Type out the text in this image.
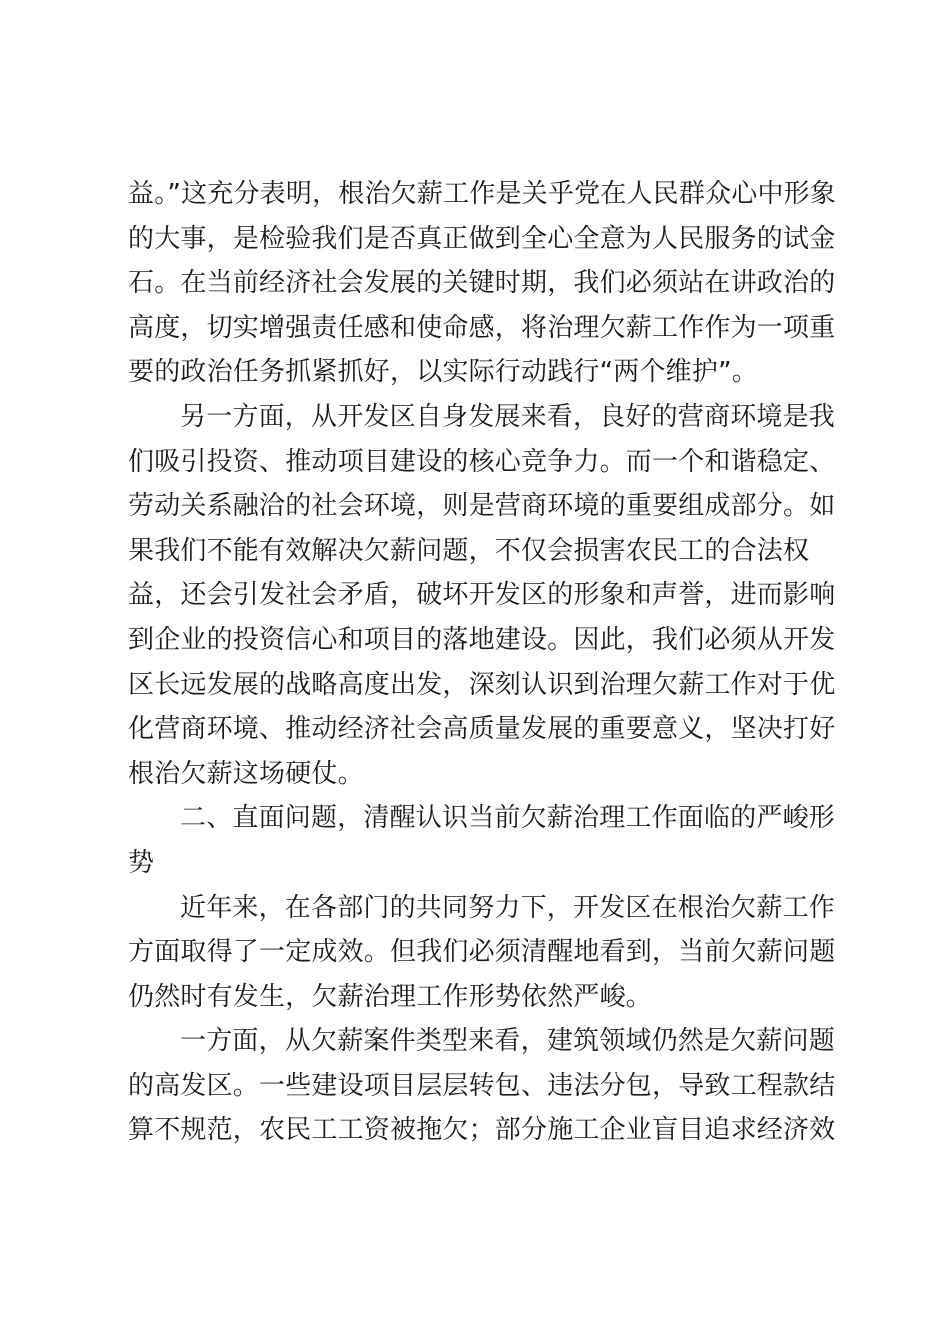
益。”这充分表明，根治欠薪工作是关乎党在人民群众心中形象
的大事，是检验我们是否真正做到全心全意为人民服务的试金
石。在当前经济社会发展的关键时期，我们必须站在讲政治的
高度，切实增强责任感和使命感，将治理欠薪工作作为一项重
要的政治任务抓紧抓好，以实际行动践行“两个维护”。
另一方面，从开发区自身发展来看，良好的营商环境是我
们吸引投资、推动项目建设的核心竞争力。而一个和谐稳定、
劳动关系融洽的社会环境，则是营商环境的重要组成部分。如
果我们不能有效解决欠薪问题，不仅会损害农民工的合法权
益，还会引发社会矛盾，破坏开发区的形象和声誉，进而影响
到企业的投资信心和项目的落地建设。因此，我们必须从开发
区长远发展的战略高度出发，深刻认识到治理欠薪工作对于优
化营商环境、推动经济社会高质量发展的重要意义，坚决打好
根治欠薪这场硬仗。
二、直面问题，清醒认识当前欠薪治理工作面临的严峻形
势
近年来，在各部门的共同努力下，开发区在根治欠薪工作
方面取得了一定成效。但我们必须清醒地看到，当前欠薪问题
仍然时有发生，欠薪治理工作形势依然严峻。
一方面，从欠薪案件类型来看，建筑领域仍然是欠薪问题
的高发区。一些建设项目层层转包、违法分包，导致工程款结
算不规范，农民工工资被拖欠；部分施工企业盲目追求经济效
